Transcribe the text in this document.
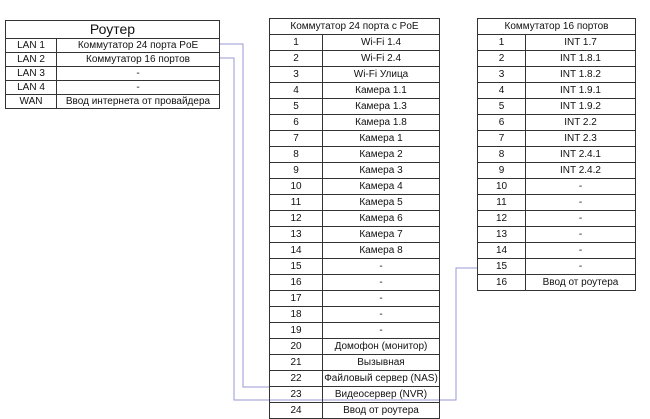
Роутер	
LAN 1	Коммутатор 24 порта PoE
LAN 2	Коммутатор 16 портов
LAN 3	-
LAN 4	-
WAN	Ввод интернета от провайдера
Коммутатор 24 порта с PoE	
1	Wi-Fi 1.4
2	Wi-Fi 2.4
3	Wi-Fi Улица
4	Камера 1.1
5	Камера 1.3
6	Камера 1.8
7	Камера 1
8	Камера 2
9	Камера 3
10	Камера 4
11	Камера 5
12	Камера 6
13	Камера 7
14	Камера 8
15	-
16	-
17	-
18	-
19	-
20	Домофон (монитор)
21	Вызывная
22	Файловый сервер (NAS)
23	Видеосервер (NVR)
24	Ввод от роутера
Коммутатор 16 портов	
1	INT 1.7
2	INT 1.8.1
3	INT 1.8.2
4	INT 1.9.1
5	INT 1.9.2
6	INT 2.2
7	INT 2.3
8	INT 2.4.1
9	INT 2.4.2
10	-
11	-
12	-
13	-
14	-
15	-
16	Ввод от роутера
